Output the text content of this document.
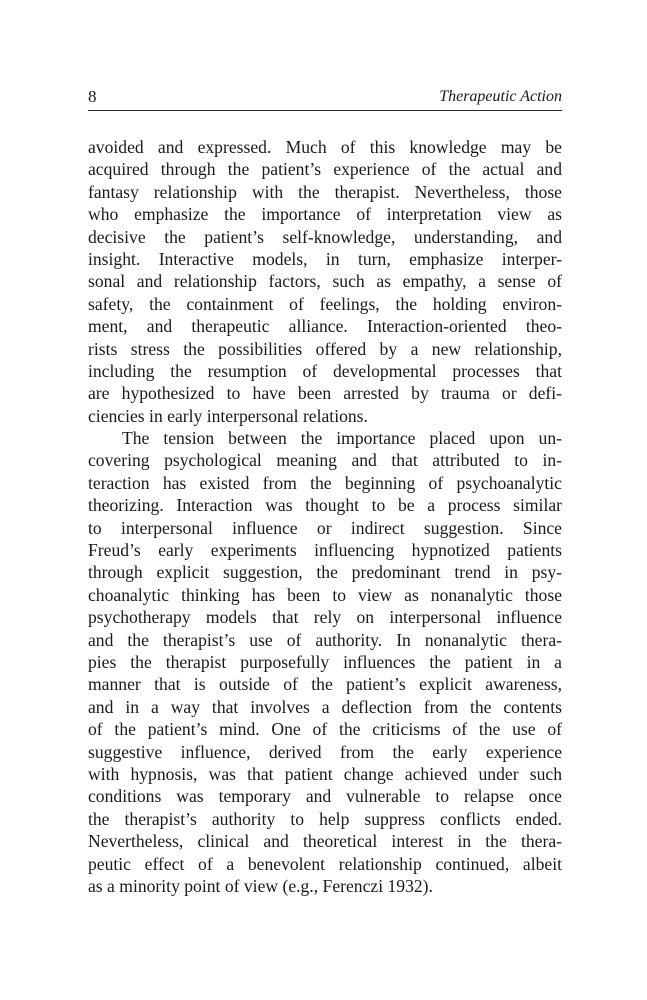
8	Therapeutic Action
avoided and expressed. Much of this knowledge may be
acquired through the patient’s experience of the actual and
fantasy relationship with the therapist. Nevertheless, those
who emphasize the importance of interpretation view as
decisive the patient’s self-knowledge, understanding, and
insight. Interactive models, in turn, emphasize interper-
sonal and relationship factors, such as empathy, a sense of
safety, the containment of feelings, the holding environ-
ment, and therapeutic alliance. Interaction-oriented theo-
rists stress the possibilities offered by a new relationship,
including the resumption of developmental processes that
are hypothesized to have been arrested by trauma or defi-
ciencies in early interpersonal relations.
The tension between the importance placed upon un-
covering psychological meaning and that attributed to in-
teraction has existed from the beginning of psychoanalytic
theorizing. Interaction was thought to be a process similar
to interpersonal influence or indirect suggestion. Since
Freud’s early experiments influencing hypnotized patients
through explicit suggestion, the predominant trend in psy-
choanalytic thinking has been to view as nonanalytic those
psychotherapy models that rely on interpersonal influence
and the therapist’s use of authority. In nonanalytic thera-
pies the therapist purposefully influences the patient in a
manner that is outside of the patient’s explicit awareness,
and in a way that involves a deflection from the contents
of the patient’s mind. One of the criticisms of the use of
suggestive influence, derived from the early experience
with hypnosis, was that patient change achieved under such
conditions was temporary and vulnerable to relapse once
the therapist’s authority to help suppress conflicts ended.
Nevertheless, clinical and theoretical interest in the thera-
peutic effect of a benevolent relationship continued, albeit
as a minority point of view (e.g., Ferenczi 1932).
